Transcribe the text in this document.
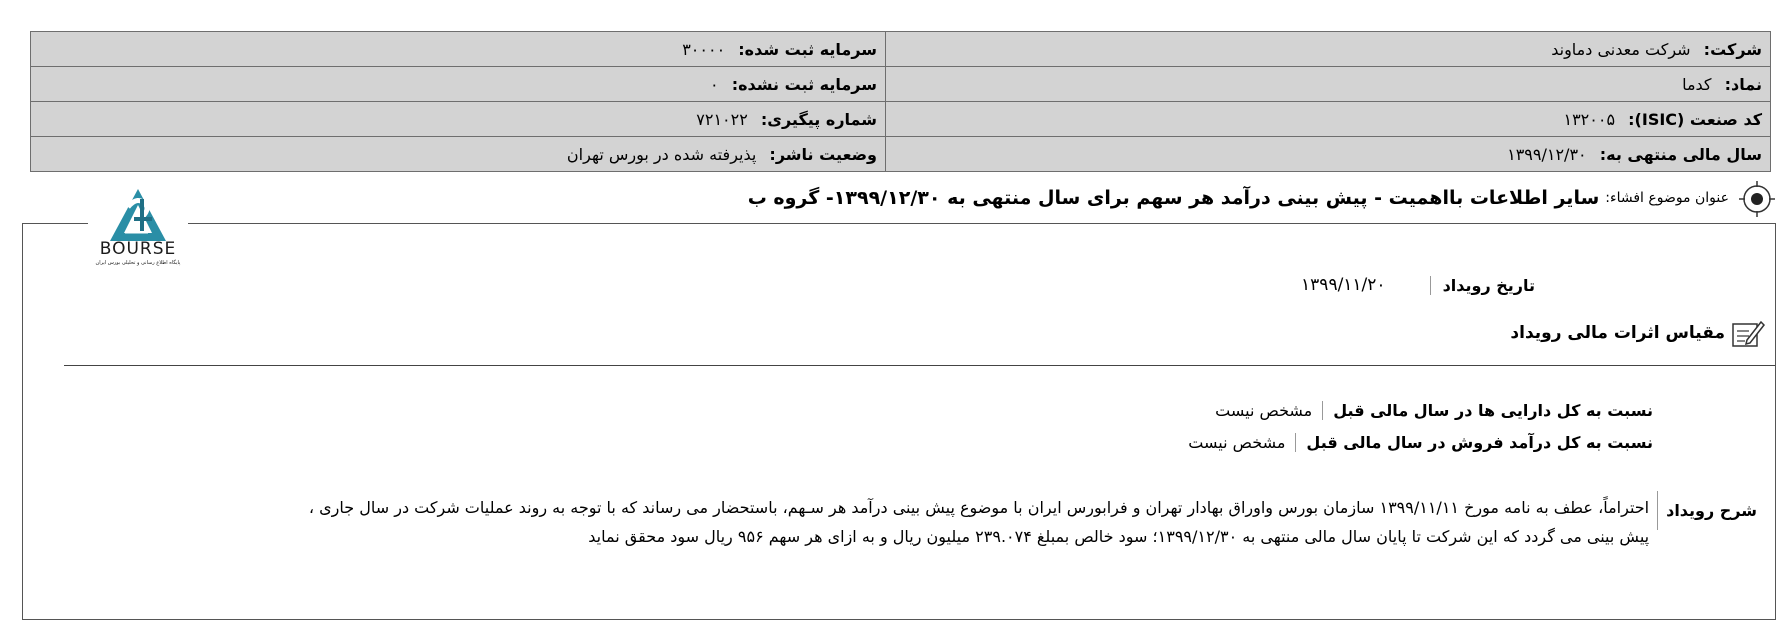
شرکت: شرکت معدنی دماوند	سرمایه ثبت شده: ۳۰۰۰۰
نماد: کدما	سرمایه ثبت نشده: ۰
کد صنعت (ISIC): ۱۳۲۰۰۵	شماره پیگیری: ۷۲۱۰۲۲
سال مالی منتهی به: ۱۳۹۹/۱۲/۳۰	وضعیت ناشر: پذیرفته شده در بورس تهران
عنوان موضوع افشاء:
سایر اطلاعات بااهمیت - پیش بینی درآمد هر سهم برای سال منتهی به ۱۳۹۹/۱۲/۳۰- گروه ب
BOURSE
پایگاه اطلاع رسانی و تحلیلی بورس ایران
تاریخ رویداد
۱۳۹۹/۱۱/۲۰
مقیاس اثرات مالی رویداد
نسبت به کل دارایی ها در سال مالی قبل
مشخص نیست
نسبت به کل درآمد فروش در سال مالی قبل
مشخص نیست
شرح رویداد
احتراماً، عطف به نامه مورخ ۱۳۹۹/۱۱/۱۱ سازمان بورس واوراق بهادار تهران و فرابورس ایران با موضوع پیش بینی درآمد هر سـهم، باستحضار می رساند که با توجه به روند عملیات شرکت در سال جاری ،
پیش بینی می گردد که این شرکت تا پایان سال مالی منتهی به ۱۳۹۹/۱۲/۳۰؛ سود خالص بمبلغ ۲۳۹.۰۷۴ میلیون ریال و به ازای هر سهم ۹۵۶ ریال سود محقق نماید
